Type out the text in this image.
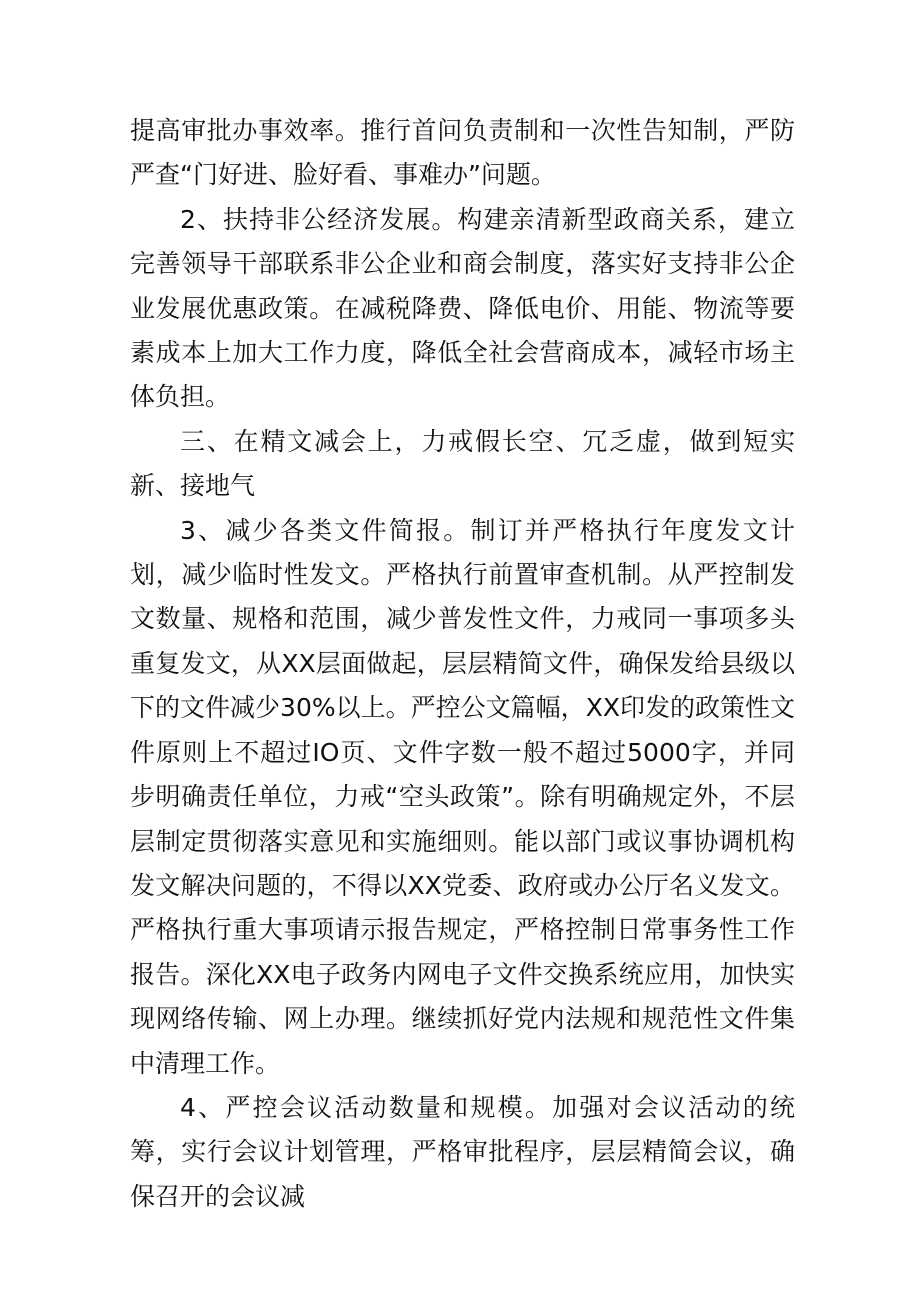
提高审批办事效率。推行首问负责制和一次性告知制，严防严查“门好进、脸好看、事难办”问题。

2、扶持非公经济发展。构建亲清新型政商关系，建立完善领导干部联系非公企业和商会制度，落实好支持非公企业发展优惠政策。在减税降费、降低电价、用能、物流等要素成本上加大工作力度，降低全社会营商成本，减轻市场主体负担。

三、在精文减会上，力戒假长空、冗乏虚，做到短实新、接地气

3、减少各类文件简报。制订并严格执行年度发文计划，减少临时性发文。严格执行前置审查机制。从严控制发文数量、规格和范围，减少普发性文件，力戒同一事项多头重复发文，从XX层面做起，层层精简文件，确保发给县级以下的文件减少30%以上。严控公文篇幅，XX印发的政策性文件原则上不超过IO页、文件字数一般不超过5000字，并同步明确责任单位，力戒“空头政策”。除有明确规定外，不层层制定贯彻落实意见和实施细则。能以部门或议事协调机构发文解决问题的，不得以XX党委、政府或办公厅名义发文。严格执行重大事项请示报告规定，严格控制日常事务性工作报告。深化XX电子政务内网电子文件交换系统应用，加快实现网络传输、网上办理。继续抓好党内法规和规范性文件集中清理工作。

4、严控会议活动数量和规模。加强对会议活动的统筹，实行会议计划管理，严格审批程序，层层精简会议，确保召开的会议减
